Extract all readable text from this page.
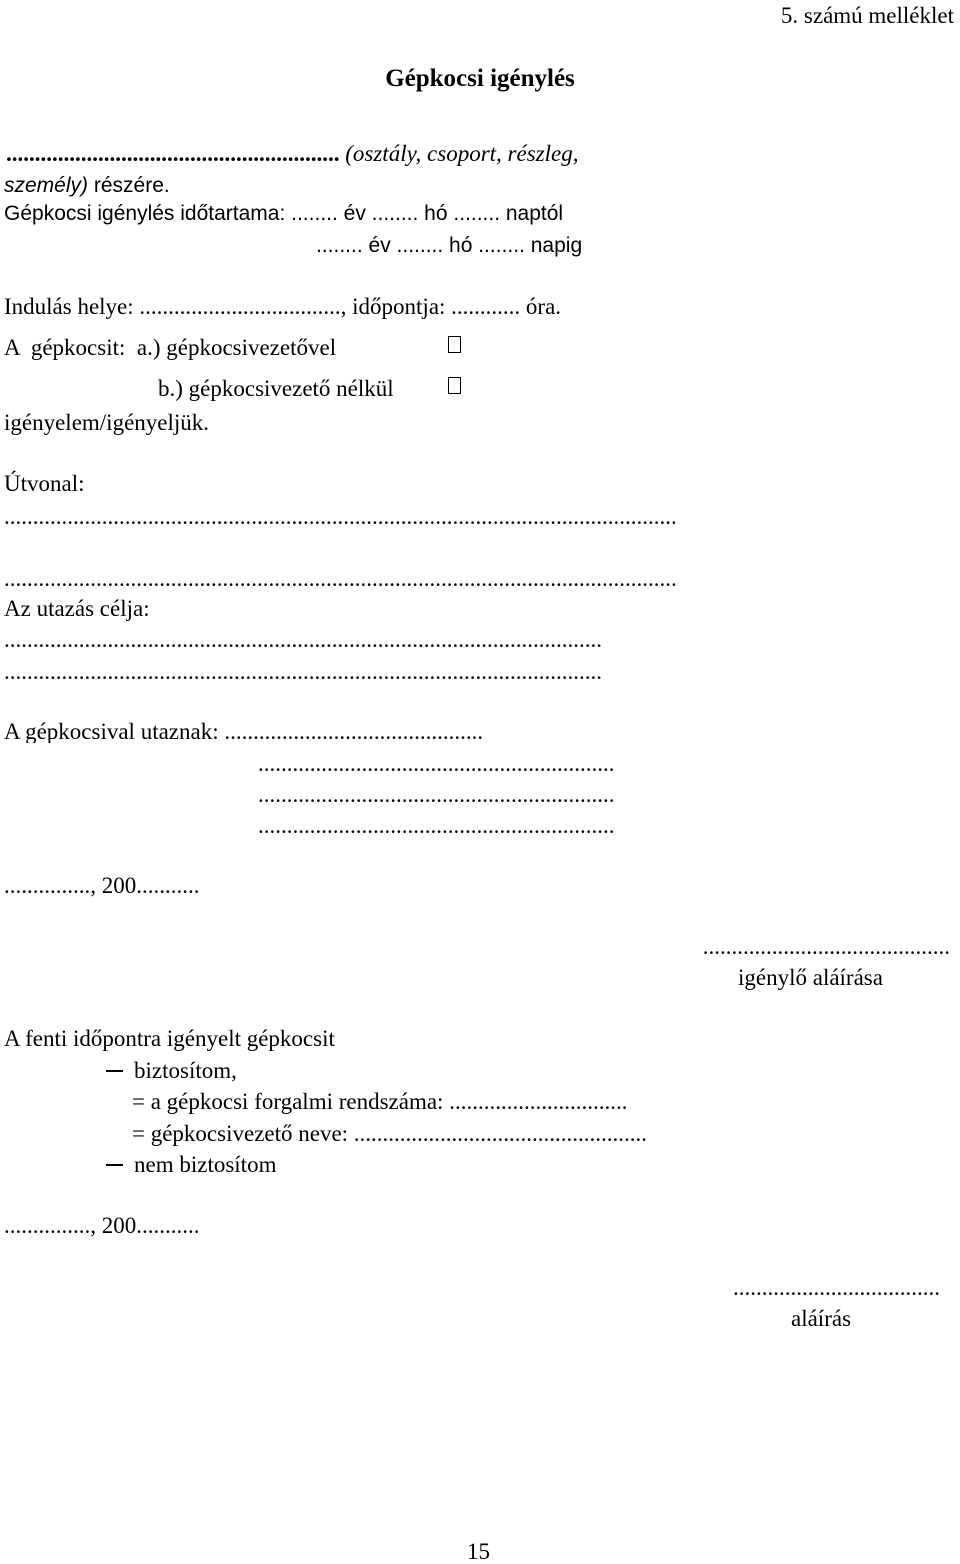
5. számú melléklet
Gépkocsi igénylés
.......................................................... (osztály, csoport, részleg,
személy) részére.
Gépkocsi igénylés időtartama: ........ év ........ hó ........ naptól
........ év ........ hó ........ napig
Indulás helye: ..................................., időpontja: ............ óra.
A  gépkocsit:  a.) gépkocsivezetővel
b.) gépkocsivezető nélkül
igényelem/igényeljük.
Útvonal:
.....................................................................................................................
.....................................................................................................................
Az utazás célja:
........................................................................................................
........................................................................................................
A gépkocsival utaznak: .............................................
..............................................................
..............................................................
..............................................................
..............., 200...........
...........................................
igénylő aláírása
A fenti időpontra igényelt gépkocsit
biztosítom,
= a gépkocsi forgalmi rendszáma: ...............................
= gépkocsivezető neve: ...................................................
nem biztosítom
..............., 200...........
....................................
aláírás
15
